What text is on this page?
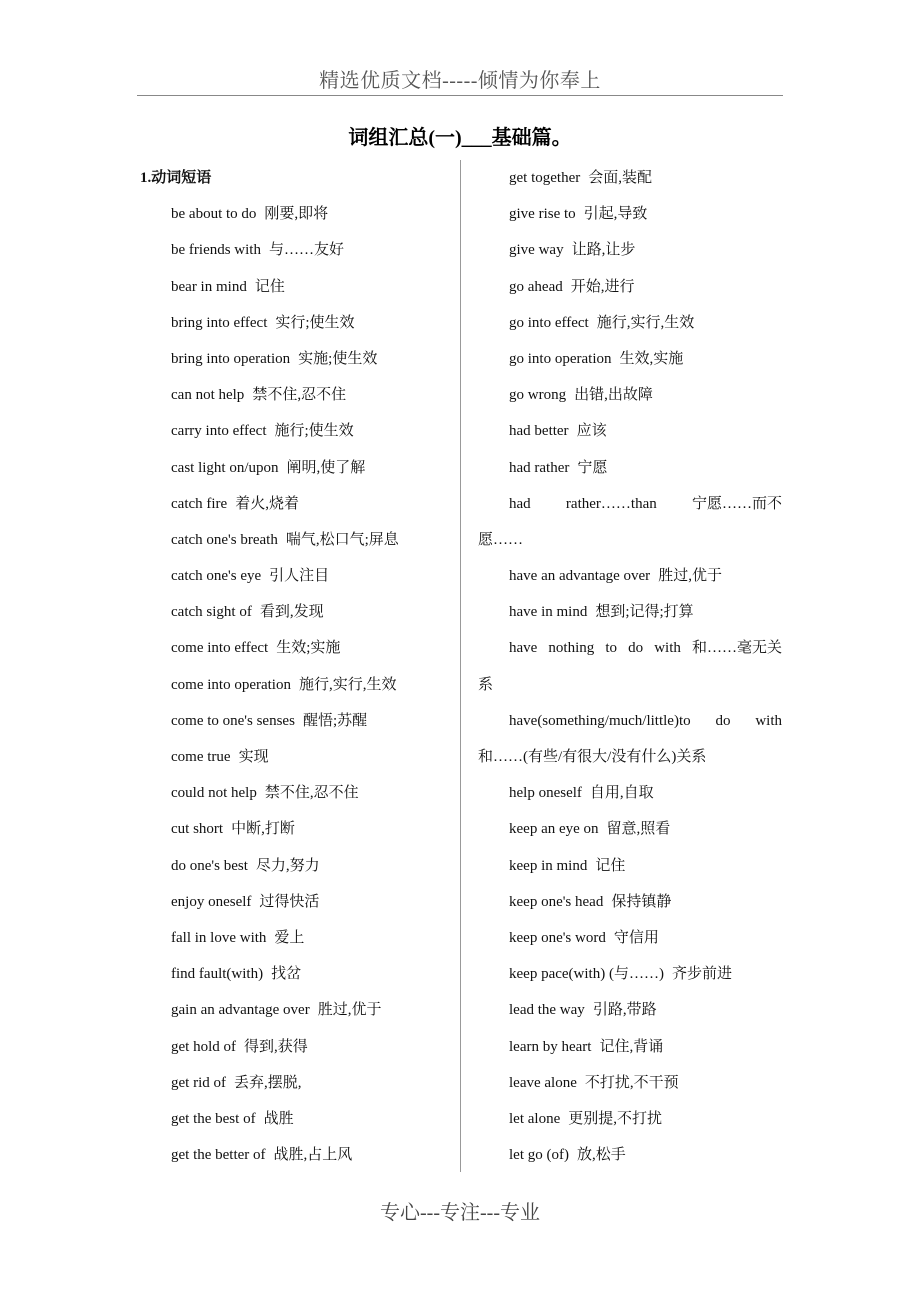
精选优质文档-----倾情为你奉上
词组汇总(一)___基础篇。
1.动词短语
be about to do 刚要,即将
be friends with 与……友好
bear in mind 记住
bring into effect 实行;使生效
bring into operation 实施;使生效
can not help 禁不住,忍不住
carry into effect 施行;使生效
cast light on/upon 阐明,使了解
catch fire 着火,烧着
catch one's breath 喘气,松口气;屏息
catch one's eye 引人注目
catch sight of 看到,发现
come into effect 生效;实施
come into operation 施行,实行,生效
come to one's senses 醒悟;苏醒
come true 实现
could not help 禁不住,忍不住
cut short 中断,打断
do one's best 尽力,努力
enjoy oneself 过得快活
fall in love with 爱上
find fault(with) 找岔
gain an advantage over 胜过,优于
get hold of 得到,获得
get rid of 丢弃,摆脱,
get the best of 战胜
get the better of 战胜,占上风
get together 会面,装配
give rise to 引起,导致
give way 让路,让步
go ahead 开始,进行
go into effect 施行,实行,生效
go into operation 生效,实施
go wrong 出错,出故障
had better 应该
had rather 宁愿
had rather……than 宁愿……而不
愿……
have an advantage over 胜过,优于
have in mind 想到;记得;打算
have nothing to do with 和……毫无关
系
have(something/much/little)to do with
和……(有些/有很大/没有什么)关系
help oneself 自用,自取
keep an eye on 留意,照看
keep in mind 记住
keep one's head 保持镇静
keep one's word 守信用
keep pace(with) (与……) 齐步前进
lead the way 引路,带路
learn by heart 记住,背诵
leave alone 不打扰,不干预
let alone 更别提,不打扰
let go (of) 放,松手
专心---专注---专业
